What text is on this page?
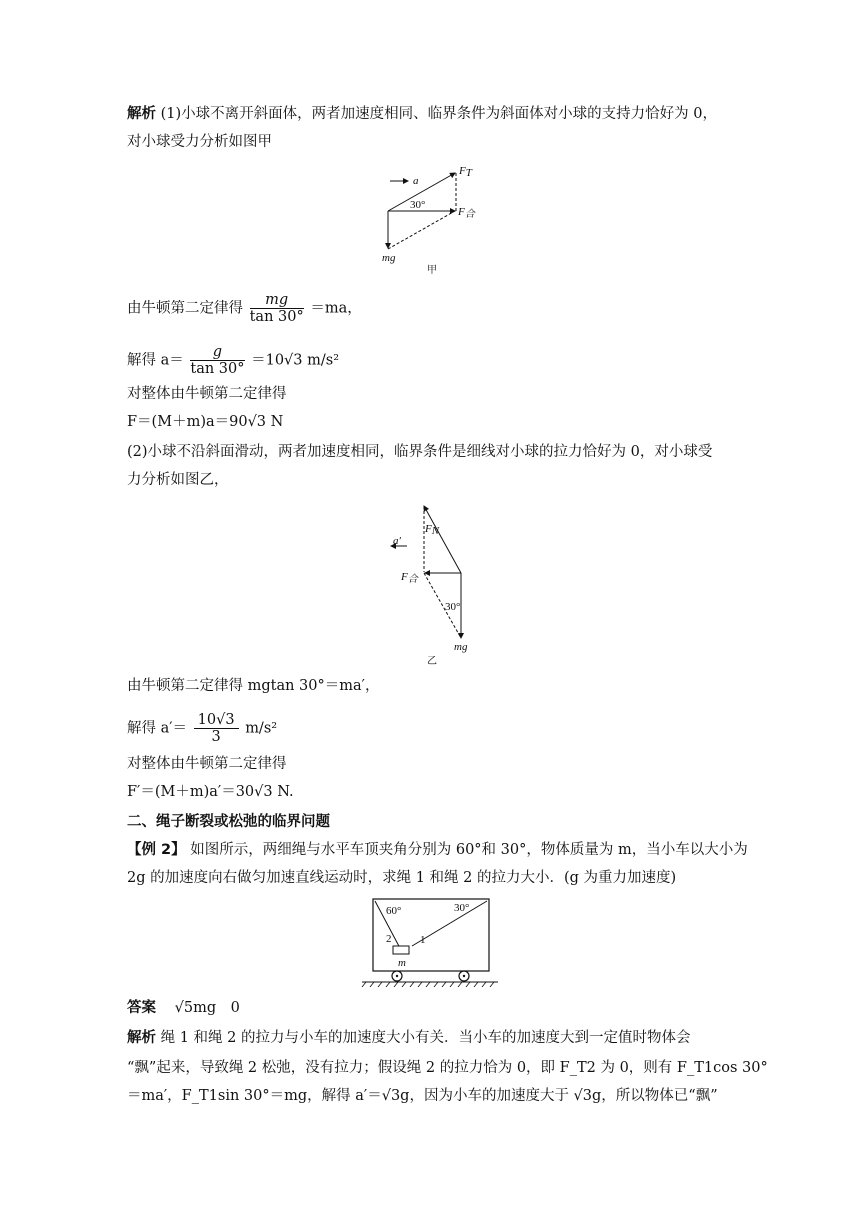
解析 (1)小球不离开斜面体，两者加速度相同、临界条件为斜面体对小球的支持力恰好为 0，
对小球受力分析如图甲
a
FT
F合
30°
mg
甲
由牛顿第二定律得 $\frac{mg}{\tan 30^\circ} =ma$，
解得 $a= \frac{g}{\tan 30^\circ} =10√3$ m/s²
对整体由牛顿第二定律得
F＝(M＋m)a＝90√3 N
(2)小球不沿斜面滑动，两者加速度相同，临界条件是细线对小球的拉力恰好为 0，对小球受
力分析如图乙，
FN
a′
F合
30°
mg
乙
由牛顿第二定律得 mgtan 30°＝ma′，
解得 $a'= \frac{10√3}{3} m/s^2$
对整体由牛顿第二定律得
F′＝(M＋m)a′＝30√3 N.
二、绳子断裂或松弛的临界问题
【例 2】 如图所示，两细绳与水平车顶夹角分别为 60°和 30°，物体质量为 m，当小车以大小为
2g 的加速度向右做匀加速直线运动时，求绳 1 和绳 2 的拉力大小．(g 为重力加速度)
60°	30°
2	1
m
答案 √5mg　0
解析 绳 1 和绳 2 的拉力与小车的加速度大小有关．当小车的加速度大到一定值时物体会
“飘”起来，导致绳 2 松弛，没有拉力；假设绳 2 的拉力恰为 0，即 F_T2 为 0，则有 F_T1cos 30°
＝ma′，F_T1sin 30°＝mg，解得 a′＝√3g，因为小车的加速度大于 √3g，所以物体已“飘”
